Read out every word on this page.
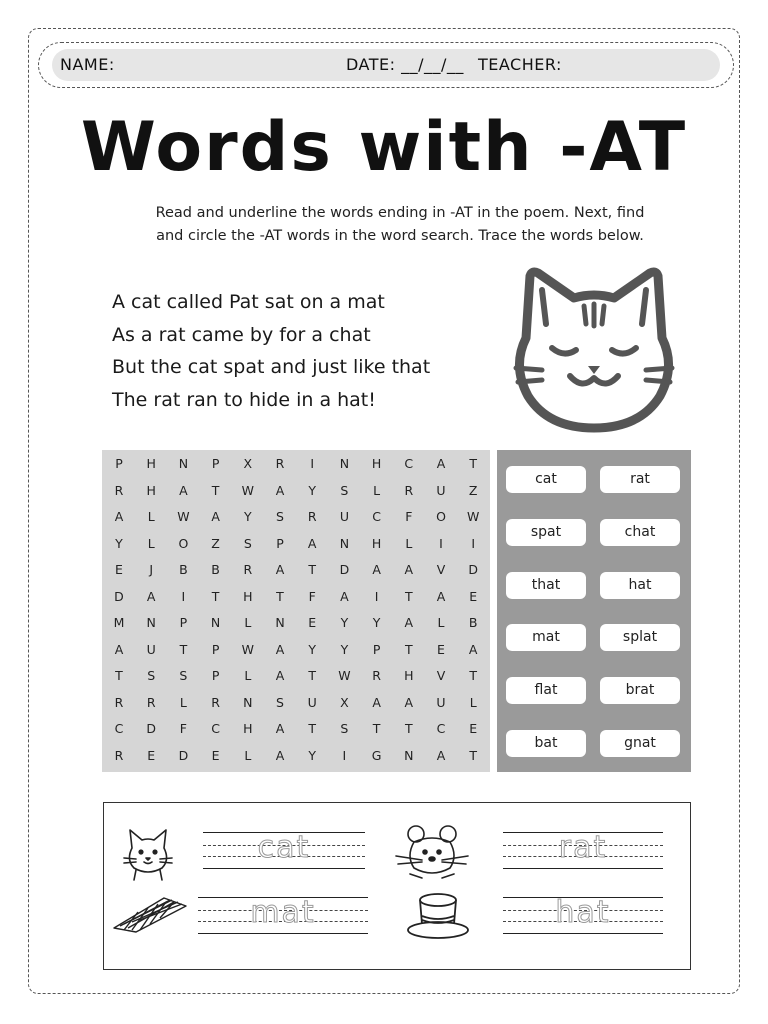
NAME:	DATE: __/__/__ TEACHER:
Words with -AT
Read and underline the words ending in -AT in the poem. Next, find
and circle the -AT words in the word search. Trace the words below.
A cat called Pat sat on a mat
As a rat came by for a chat
But the cat spat and just like that
The rat ran to hide in a hat!
P	H	N	P	X	R	I	N	H	C	A	T
R	H	A	T	W	A	Y	S	L	R	U	Z
A	L	W	A	Y	S	R	U	C	F	O	W
Y	L	O	Z	S	P	A	N	H	L	I	I
E	J	B	B	R	A	T	D	A	A	V	D
D	A	I	T	H	T	F	A	I	T	A	E
M	N	P	N	L	N	E	Y	Y	A	L	B
A	U	T	P	W	A	Y	Y	P	T	E	A
T	S	S	P	L	A	T	W	R	H	V	T
R	R	L	R	N	S	U	X	A	A	U	L
C	D	F	C	H	A	T	S	T	T	C	E
R	E	D	E	L	A	Y	I	G	N	A	T
cat	rat
spat	chat
that	hat
mat	splat
flat	brat
bat	gnat
cat	rat
mat	hat
